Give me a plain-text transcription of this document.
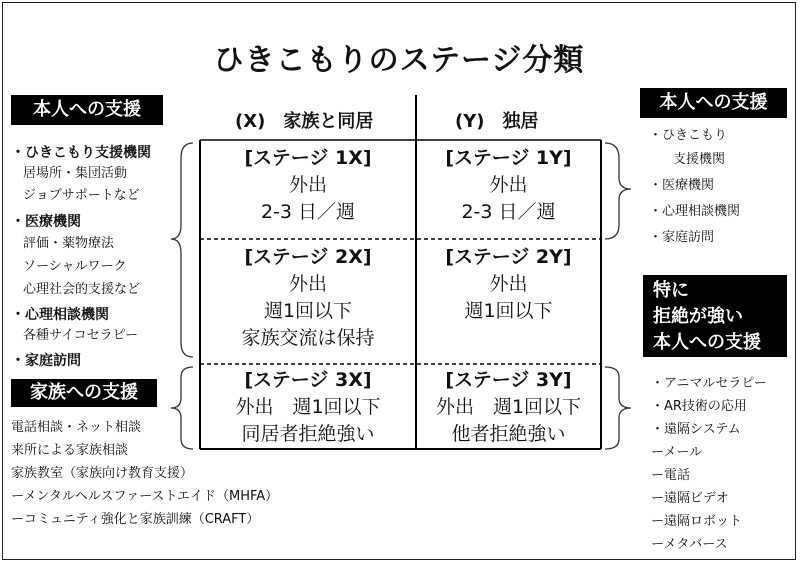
ひきこもりのステージ分類
(X)　家族と同居	(Y)　独居
[ステージ 1X]
外出
2-3 日／週
[ステージ 1Y]
外出
2-3 日／週
[ステージ 2X]
外出
週1回以下
家族交流は保持
[ステージ 2Y]
外出
週1回以下
[ステージ 3X]
外出　週1回以下
同居者拒絶強い
[ステージ 3Y]
外出　週1回以下
他者拒絶強い
本人への支援
・ひきこもり支援機関
居場所・集団活動
ジョブサポートなど
・医療機関
評価・薬物療法
ソーシャルワーク
心理社会的支援など
・心理相談機関
各種サイコセラピー
・家庭訪問
家族への支援
電話相談・ネット相談
来所による家族相談
家族教室（家族向け教育支援）
ーメンタルヘルスファーストエイド（MHFA）
ーコミュニティ強化と家族訓練（CRAFT）
本人への支援
・ひきこもり
支援機関
・医療機関
・心理相談機関
・家庭訪問
特に
拒絶が強い
本人への支援
・アニマルセラピー
・AR技術の応用
・遠隔システム
ーメール
ー電話
ー遠隔ビデオ
ー遠隔ロボット
ーメタバース
